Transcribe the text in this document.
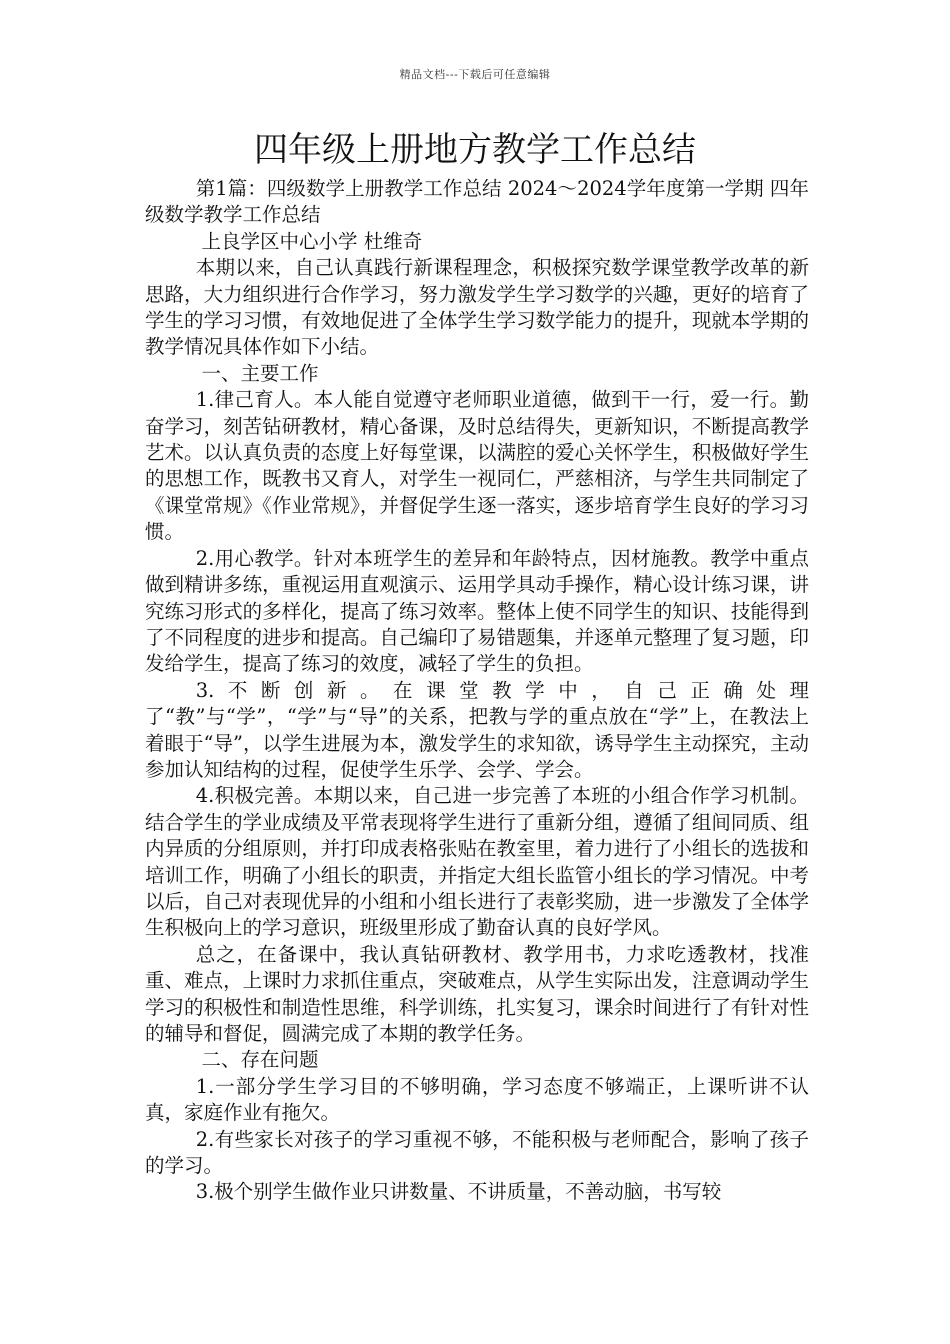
精品文档---下载后可任意编辑
四年级上册地方教学工作总结

第1篇：四级数学上册教学工作总结 2024～2024学年度第一学期 四年级数学教学工作总结

上良学区中心小学 杜维奇

本期以来，自己认真践行新课程理念，积极探究数学课堂教学改革的新思路，大力组织进行合作学习，努力激发学生学习数学的兴趣，更好的培育了学生的学习习惯，有效地促进了全体学生学习数学能力的提升，现就本学期的教学情况具体作如下小结。

一、主要工作

1.律己育人。本人能自觉遵守老师职业道德，做到干一行，爱一行。勤奋学习，刻苦钻研教材，精心备课，及时总结得失，更新知识，不断提高教学艺术。以认真负责的态度上好每堂课，以满腔的爱心关怀学生，积极做好学生的思想工作，既教书又育人，对学生一视同仁，严慈相济，与学生共同制定了《课堂常规》《作业常规》，并督促学生逐一落实，逐步培育学生良好的学习习惯。

2.用心教学。针对本班学生的差异和年龄特点，因材施教。教学中重点做到精讲多练，重视运用直观演示、运用学具动手操作，精心设计练习课，讲究练习形式的多样化，提高了练习效率。整体上使不同学生的知识、技能得到了不同程度的进步和提高。自己编印了易错题集，并逐单元整理了复习题，印发给学生，提高了练习的效度，减轻了学生的负担。

3.不断创新。在课堂教学中，自己正确处理了“教”与“学”，“学”与“导”的关系，把教与学的重点放在“学”上，在教法上着眼于“导”，以学生进展为本，激发学生的求知欲，诱导学生主动探究，主动参加认知结构的过程，促使学生乐学、会学、学会。

4.积极完善。本期以来，自己进一步完善了本班的小组合作学习机制。结合学生的学业成绩及平常表现将学生进行了重新分组，遵循了组间同质、组内异质的分组原则，并打印成表格张贴在教室里，着力进行了小组长的选拔和培训工作，明确了小组长的职责，并指定大组长监管小组长的学习情况。中考以后，自己对表现优异的小组和小组长进行了表彰奖励，进一步激发了全体学生积极向上的学习意识，班级里形成了勤奋认真的良好学风。

总之，在备课中，我认真钻研教材、教学用书，力求吃透教材，找准重、难点，上课时力求抓住重点，突破难点，从学生实际出发，注意调动学生学习的积极性和制造性思维，科学训练，扎实复习，课余时间进行了有针对性的辅导和督促，圆满完成了本期的教学任务。

二、存在问题

1.一部分学生学习目的不够明确，学习态度不够端正，上课听讲不认真，家庭作业有拖欠。

2.有些家长对孩子的学习重视不够，不能积极与老师配合，影响了孩子的学习。

3.极个别学生做作业只讲数量、不讲质量，不善动脑，书写较
